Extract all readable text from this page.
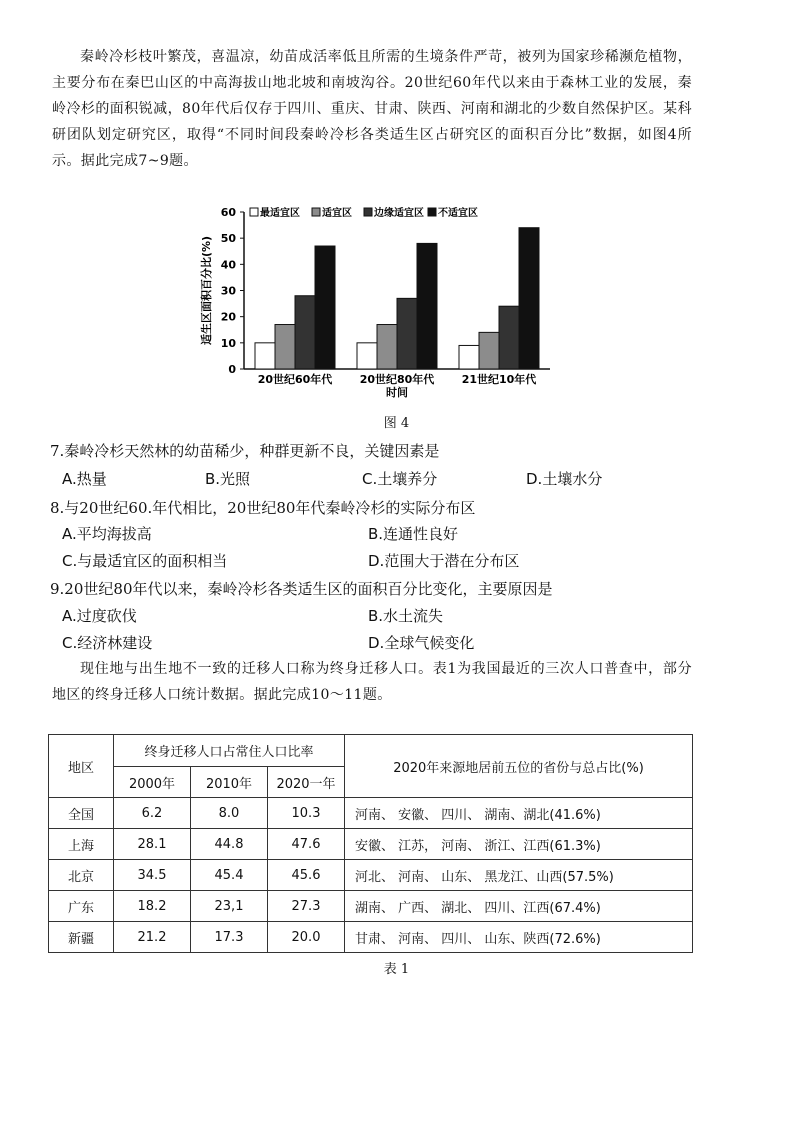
秦岭冷杉枝叶繁茂，喜温凉，幼苗成活率低且所需的生境条件严苛，被列为国家珍稀濒危植物，主要分布在秦巴山区的中高海拔山地北坡和南坡沟谷。20世纪60年代以来由于森林工业的发展，秦岭冷杉的面积锐减，80年代后仅存于四川、重庆、甘肃、陕西、河南和湖北的少数自然保护区。某科研团队划定研究区，取得“不同时间段秦岭冷杉各类适生区占研究区的面积百分比”数据，如图4所示。据此完成7~9题。
最适宜区 适宜区 边缘适宜区 不适宜区
0
10
20
30
40
50
60
适生区面积百分比(%)
20世纪60年代 20世纪80年代 21世纪10年代
时间
图 4
7.秦岭冷杉天然林的幼苗稀少，种群更新不良，关键因素是
A.热量	B.光照	C.土壤养分	D.土壤水分
8.与20世纪60.年代相比，20世纪80年代秦岭冷杉的实际分布区
A.平均海拔高	B.连通性良好
C.与最适宜区的面积相当	D.范围大于潜在分布区
9.20世纪80年代以来，秦岭冷杉各类适生区的面积百分比变化，主要原因是
A.过度砍伐	B.水土流失
C.经济林建设	D.全球气候变化
现住地与出生地不一致的迁移人口称为终身迁移人口。表1为我国最近的三次人口普查中，部分地区的终身迁移人口统计数据。据此完成10～11题。
地区	终身迁移人口占常住人口比率			2020年来源地居前五位的省份与总占比(%)
	2000年	2010年	2020一年	
全国	6.2	8.0	10.3	河南、 安徽、 四川、 湖南、湖北(41.6%)
上海	28.1	44.8	47.6	安徽、 江苏， 河南、 浙江、江西(61.3%)
北京	34.5	45.4	45.6	河北、 河南、 山东、 黑龙江、山西(57.5%)
广东	18.2	23,1	27.3	湖南、 广西、 湖北、 四川、江西(67.4%)
新疆	21.2	17.3	20.0	甘肃、 河南、 四川、 山东、陕西(72.6%)
表 1
